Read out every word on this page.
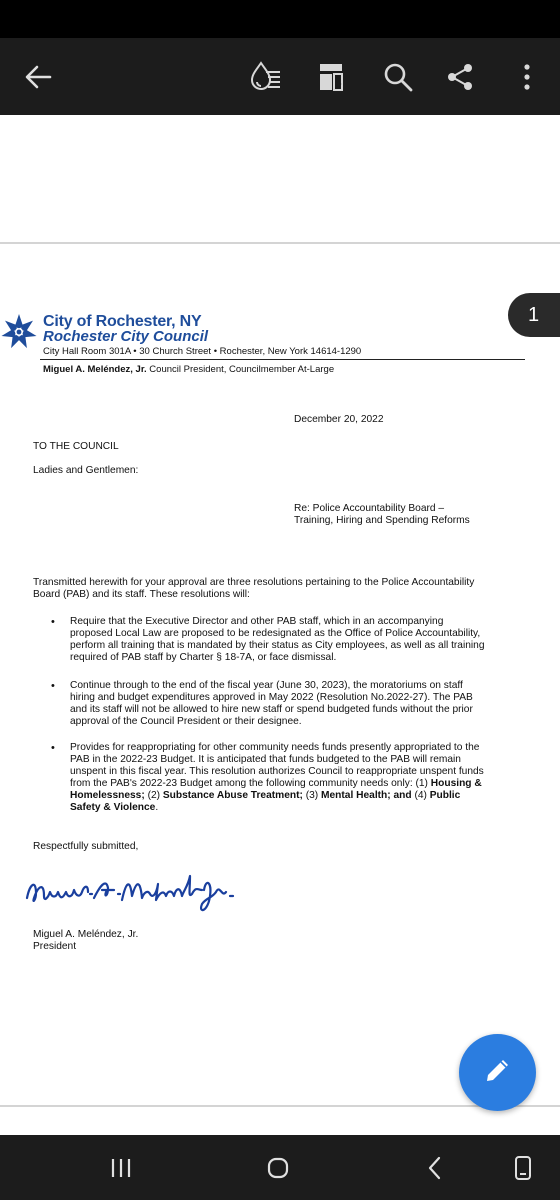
1
City of Rochester, NY
Rochester City Council
City Hall Room 301A • 30 Church Street • Rochester, New York 14614-1290
Miguel A. Meléndez, Jr. Council President, Councilmember At-Large
December 20, 2022
TO THE COUNCIL
Ladies and Gentlemen:
Re: Police Accountability Board –
Training, Hiring and Spending Reforms
Transmitted herewith for your approval are three resolutions pertaining to the Police Accountability
Board (PAB) and its staff. These resolutions will:
• Require that the Executive Director and other PAB staff, which in an accompanying
proposed Local Law are proposed to be redesignated as the Office of Police Accountability,
perform all training that is mandated by their status as City employees, as well as all training
required of PAB staff by Charter § 18-7A, or face dismissal.
• Continue through to the end of the fiscal year (June 30, 2023), the moratoriums on staff
hiring and budget expenditures approved in May 2022 (Resolution No.2022-27). The PAB
and its staff will not be allowed to hire new staff or spend budgeted funds without the prior
approval of the Council President or their designee.
• Provides for reappropriating for other community needs funds presently appropriated to the
PAB in the 2022-23 Budget. It is anticipated that funds budgeted to the PAB will remain
unspent in this fiscal year. This resolution authorizes Council to reappropriate unspent funds
from the PAB's 2022-23 Budget among the following community needs only: (1) Housing &
Homelessness; (2) Substance Abuse Treatment; (3) Mental Health; and (4) Public
Safety & Violence.
Respectfully submitted,
Miguel A. Meléndez, Jr.
President
